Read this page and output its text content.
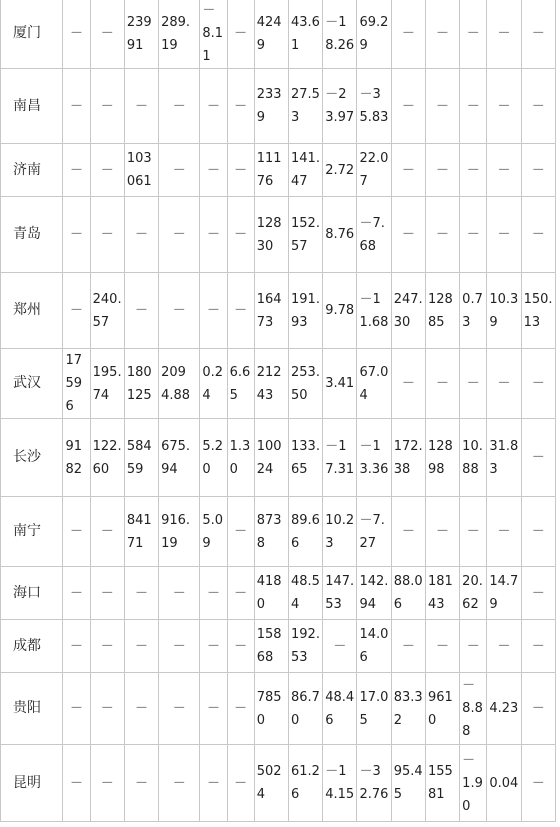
厦门	－	－	23991	289.19	－8.11	－	4249	43.61	－18.26	69.29	－	－	－	－	－
南昌	－	－	－	－	－	－	2339	27.53	－23.97	－35.83	－	－	－	－	－
济南	－	－	103061	－	－	－	11176	141.47	2.72	22.07	－	－	－	－	－
青岛	－	－	－	－	－	－	12830	152.57	8.76	－7.68	－	－	－	－	－
郑州	－	240.57	－	－	－	－	16473	191.93	9.78	－11.68	247.30	12885	0.73	10.39	150.13
武汉	17596	195.74	180125	2094.88	0.24	6.65	21243	253.50	3.41	67.04	－	－	－	－	－
长沙	9182	122.60	58459	675.94	5.20	1.30	10024	133.65	－17.31	－13.36	172.38	12898	10.88	31.83	－
南宁	－	－	84171	916.19	5.09	－	8738	89.66	10.23	－7.27	－	－	－	－	－
海口	－	－	－	－	－	－	4180	48.54	147.53	142.94	88.06	18143	20.62	14.79	－
成都	－	－	－	－	－	－	15868	192.53	－	14.06	－	－	－	－	－
贵阳	－	－	－	－	－	－	7850	86.70	48.46	17.05	83.32	9610	－8.88	4.23	－
昆明	－	－	－	－	－	－	5024	61.26	－14.15	－32.76	95.45	15581	－1.90	0.04	－
